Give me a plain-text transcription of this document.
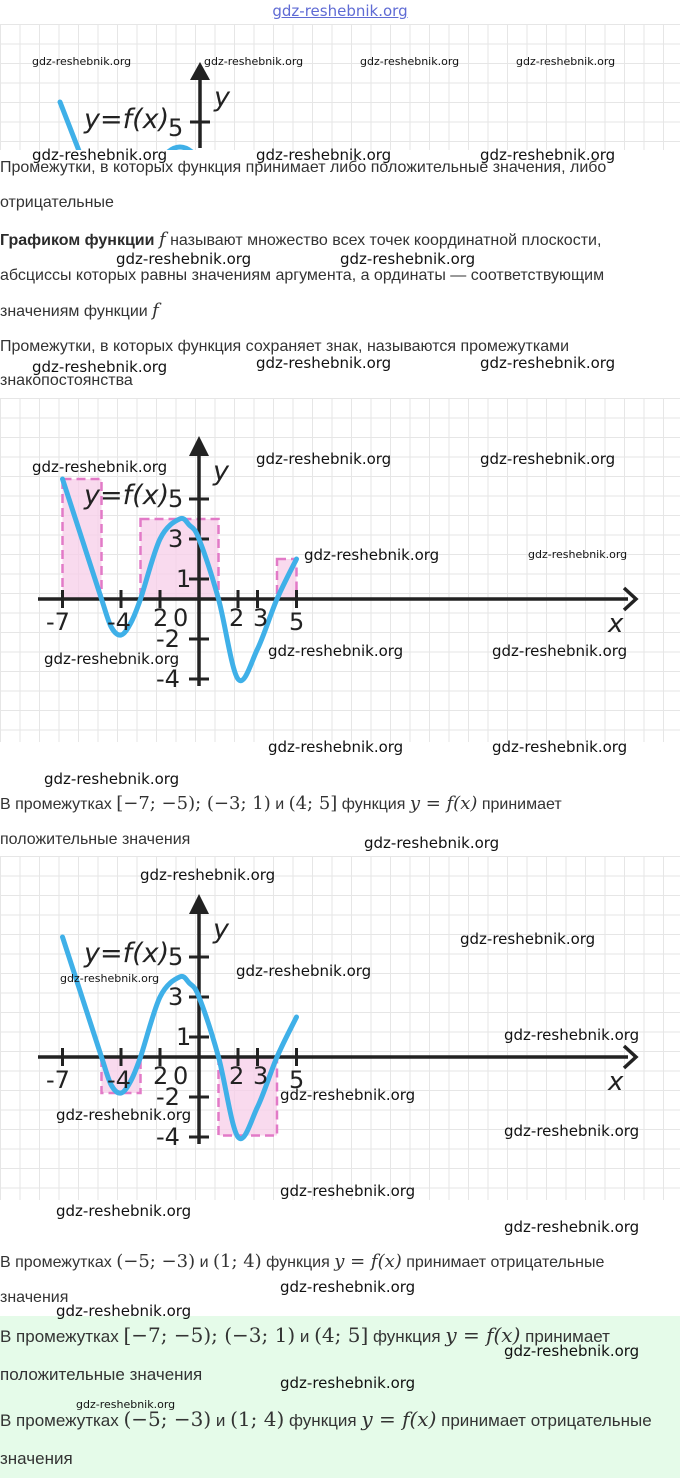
gdz-reshebnik.org
y=f(x)
y
5
Промежутки, в которых функция принимает либо положительные значения, либо отрицательные
Графиком функции f называют множество всех точек координатной плоскости, абсциссы которых равны значениям аргумента, а ординаты — соответствующим значениям функции f
Промежутки, в которых функция сохраняет знак, называются промежутками знакопостоянства
y=f(x)
y
x
-7 -4 2 0 2 3 5
5
3
1
-2
-4
В промежутках [−7; −5); (−3; 1) и (4; 5] функция y = f(x) принимает положительные значения
y=f(x)
y
x
-7 -4 2 0 2 3 5
5
3
1
-2
-4
В промежутках (−5; −3) и (1; 4) функция y = f(x) принимает отрицательные значения
В промежутках [−7; −5); (−3; 1) и (4; 5] функция y = f(x) принимает положительные значения
В промежутках (−5; −3) и (1; 4) функция y = f(x) принимает отрицательные значения
gdz-reshebnik.org	gdz-reshebnik.org	gdz-reshebnik.org	gdz-reshebnik.org
gdz-reshebnik.org	gdz-reshebnik.org	gdz-reshebnik.org
gdz-reshebnik.org	gdz-reshebnik.org
gdz-reshebnik.org	gdz-reshebnik.org	gdz-reshebnik.org
gdz-reshebnik.org	gdz-reshebnik.org	gdz-reshebnik.org
gdz-reshebnik.org	gdz-reshebnik.org
gdz-reshebnik.org	gdz-reshebnik.org	gdz-reshebnik.org
gdz-reshebnik.org	gdz-reshebnik.org
gdz-reshebnik.org
gdz-reshebnik.org
gdz-reshebnik.org
gdz-reshebnik.org
gdz-reshebnik.org
gdz-reshebnik.org
gdz-reshebnik.org
gdz-reshebnik.org
gdz-reshebnik.org
gdz-reshebnik.org
gdz-reshebnik.org
gdz-reshebnik.org
gdz-reshebnik.org
gdz-reshebnik.org
gdz-reshebnik.org
gdz-reshebnik.org
gdz-reshebnik.org
gdz-reshebnik.org
